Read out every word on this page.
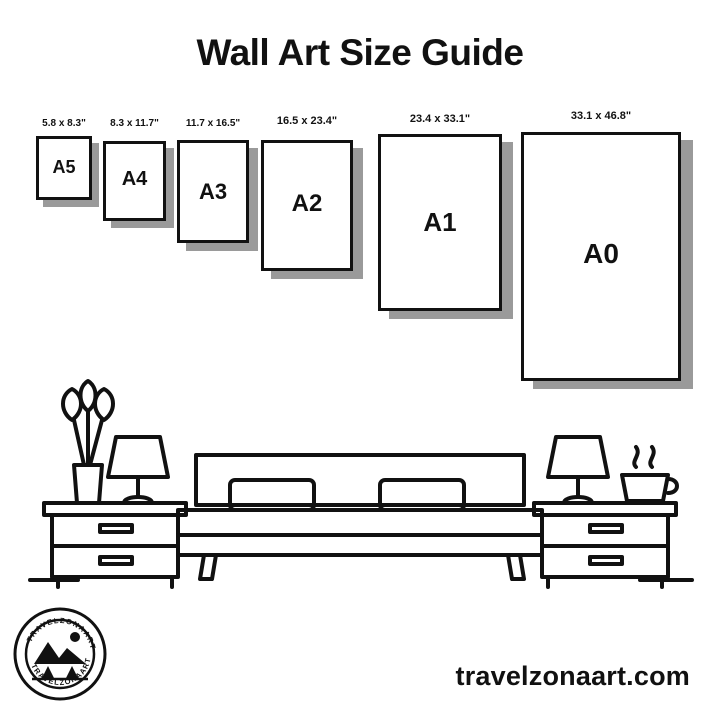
Wall Art Size Guide
5.8 x 8.3"
A5
8.3 x 11.7"
A4
11.7 x 16.5"
A3
16.5 x 23.4"
A2
23.4 x 33.1"
A1
33.1 x 46.8"
A0
TRAVELZONAART
TRAVELZONAART
travelzonaart.com
